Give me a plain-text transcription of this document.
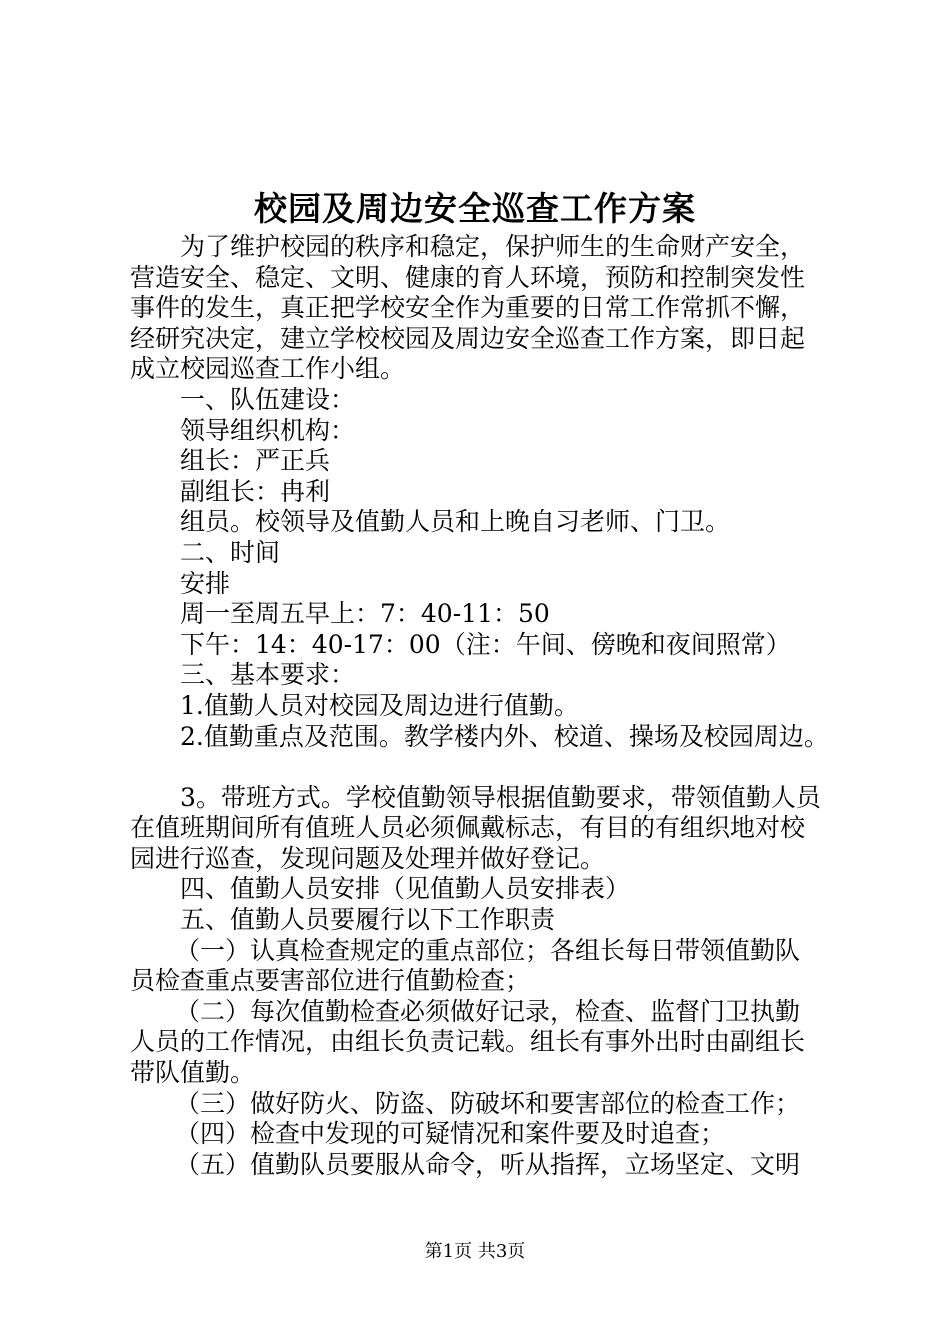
校园及周边安全巡查工作方案

为了维护校园的秩序和稳定，保护师生的生命财产安全，

营造安全、稳定、文明、健康的育人环境，预防和控制突发性

事件的发生，真正把学校安全作为重要的日常工作常抓不懈，

经研究决定，建立学校校园及周边安全巡查工作方案，即日起

成立校园巡查工作小组。

一、队伍建设：

领导组织机构：

组长：严正兵

副组长：冉利

组员。校领导及值勤人员和上晚自习老师、门卫。

二、时间

安排

周一至周五早上：7：40-11：50

下午：14：40-17：00（注：午间、傍晚和夜间照常）

三、基本要求：

1.值勤人员对校园及周边进行值勤。

2.值勤重点及范围。教学楼内外、校道、操场及校园周边。

3。带班方式。学校值勤领导根据值勤要求，带领值勤人员

在值班期间所有值班人员必须佩戴标志，有目的有组织地对校

园进行巡查，发现问题及处理并做好登记。

四、值勤人员安排（见值勤人员安排表）

五、值勤人员要履行以下工作职责

（一）认真检查规定的重点部位；各组长每日带领值勤队

员检查重点要害部位进行值勤检查；

（二）每次值勤检查必须做好记录，检查、监督门卫执勤

人员的工作情况，由组长负责记载。组长有事外出时由副组长

带队值勤。

（三）做好防火、防盗、防破坏和要害部位的检查工作；

（四）检查中发现的可疑情况和案件要及时追查；

（五）值勤队员要服从命令，听从指挥，立场坚定、文明

第1页 共3页
